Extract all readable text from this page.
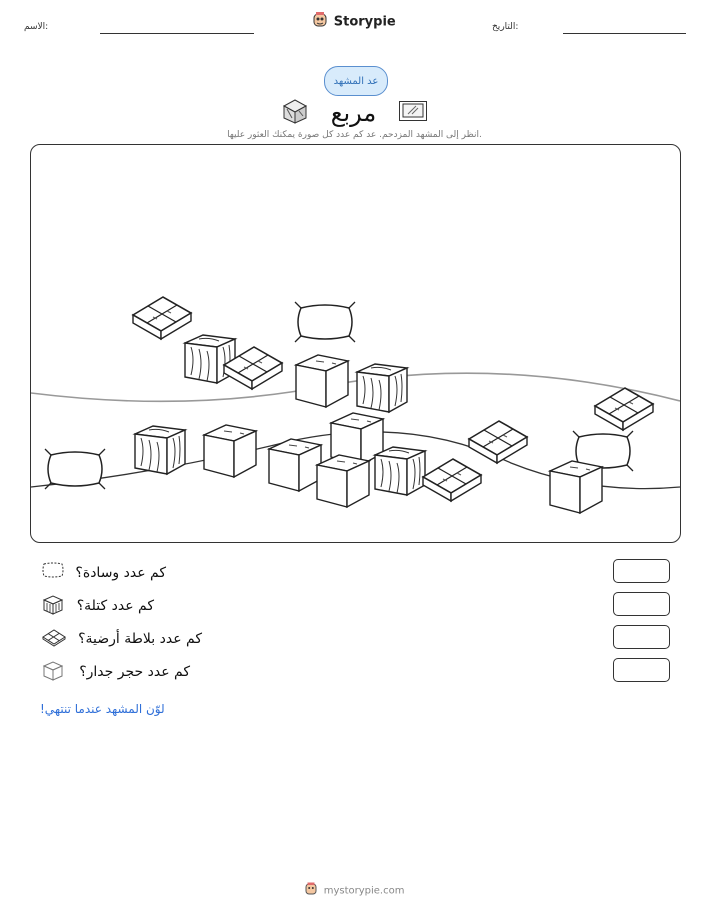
الاسم:	Storypie	التاريخ:
عد المشهد
مربع
انظر إلى المشهد المزدحم. عد كم عدد كل صورة يمكنك العثور عليها.
كم عدد وسادة؟
كم عدد كتلة؟
كم عدد بلاطة أرضية؟
كم عدد حجر جدار؟
لوّن المشهد عندما تنتهي!
mystorypie.com
